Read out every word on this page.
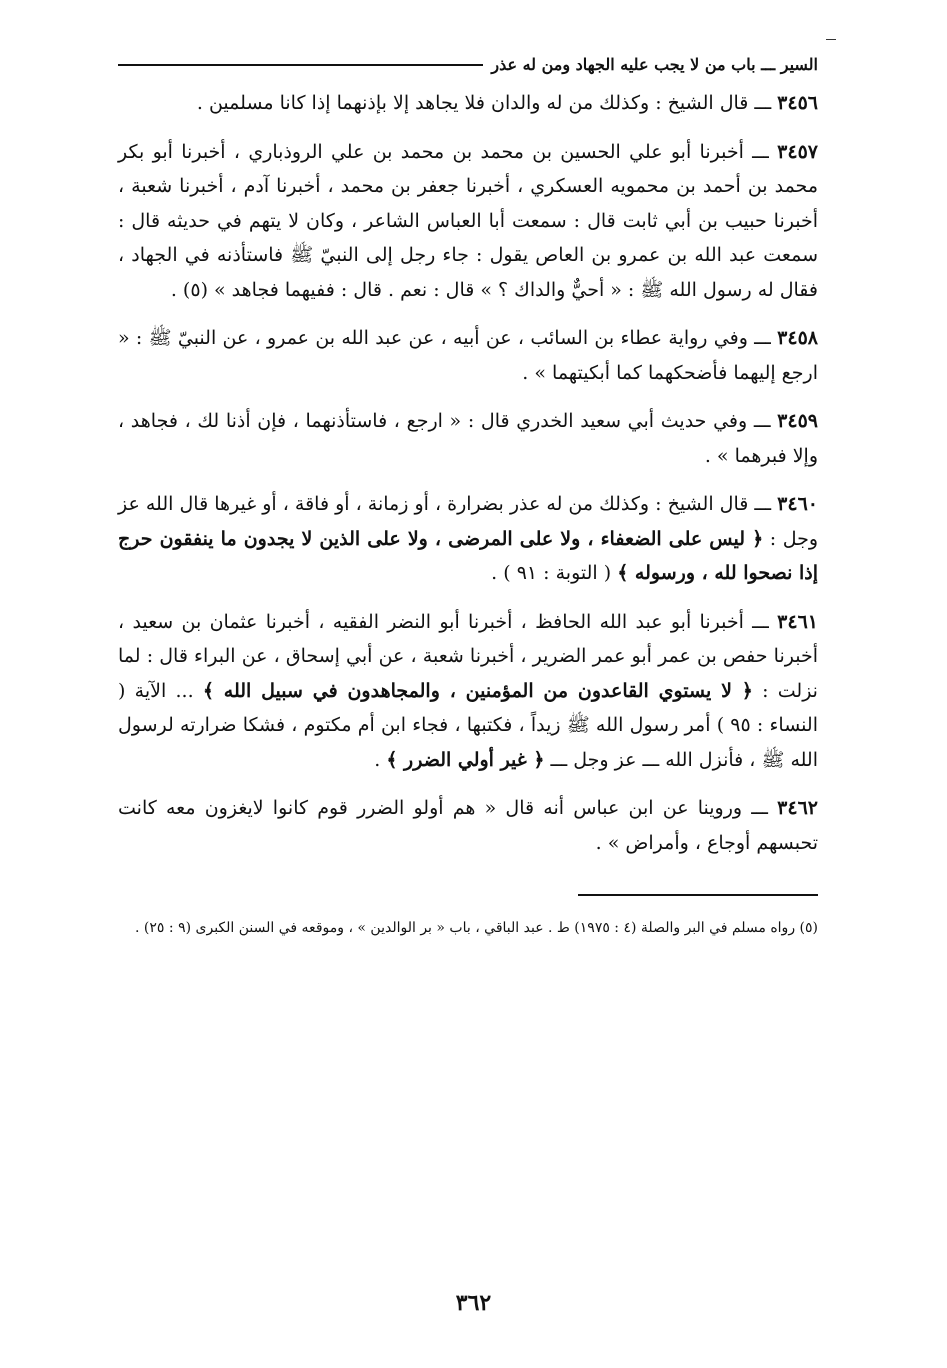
السير ـــ باب من لا يجب عليه الجهاد ومن له عذر

٣٤٥٦ ـــ قال الشيخ : وكذلك من له والدان فلا يجاهد إلا بإذنهما إذا كانا مسلمين .

٣٤٥٧ ـــ أخبرنا أبو علي الحسين بن محمد بن محمد بن علي الروذباري ، أخبرنا أبو بكر محمد بن أحمد بن محمويه العسكري ، أخبرنا جعفر بن محمد ، أخبرنا آدم ، أخبرنا شعبة ، أخبرنا حبيب بن أبي ثابت قال : سمعت أبا العباس الشاعر ، وكان لا يتهم في حديثه قال : سمعت عبد الله بن عمرو بن العاص يقول : جاء رجل إلى النبيّ ﷺ فاستأذنه في الجهاد ، فقال له رسول الله ﷺ : « أحيٌّ والداك ؟ » قال : نعم . قال : ففيهما فجاهد » (٥) .

٣٤٥٨ ـــ وفي رواية عطاء بن السائب ، عن أبيه ، عن عبد الله بن عمرو ، عن النبيّ ﷺ : « ارجع إليهما فأضحكهما كما أبكيتهما » .

٣٤٥٩ ـــ وفي حديث أبي سعيد الخدري قال : « ارجع ، فاستأذنهما ، فإن أذنا لك ، فجاهد ، وإلا فبرهما » .

٣٤٦٠ ـــ قال الشيخ : وكذلك من له عذر بضرارة ، أو زمانة ، أو فاقة ، أو غيرها قال الله عز وجل : ﴿ ليس على الضعفاء ، ولا على المرضى ، ولا على الذين لا يجدون ما ينفقون حرج إذا نصحوا لله ، ورسوله ﴾ ( التوبة : ٩١ ) .

٣٤٦١ ـــ أخبرنا أبو عبد الله الحافظ ، أخبرنا أبو النضر الفقيه ، أخبرنا عثمان بن سعيد ، أخبرنا حفص بن عمر أبو عمر الضرير ، أخبرنا شعبة ، عن أبي إسحاق ، عن البراء قال : لما نزلت : ﴿ لا يستوي القاعدون من المؤمنين ، والمجاهدون في سبيل الله ﴾ ... الآية ( النساء : ٩٥ ) أمر رسول الله ﷺ زيداً ، فكتبها ، فجاء ابن أم مكتوم ، فشكا ضرارته لرسول الله ﷺ ، فأنزل الله ـــ عز وجل ـــ ﴿ غير أولي الضرر ﴾ .

٣٤٦٢ ـــ وروينا عن ابن عباس أنه قال « هم أولو الضرر قوم كانوا لايغزون معه كانت تحبسهم أوجاع ، وأمراض » .

(٥) رواه مسلم في البر والصلة (٤ : ١٩٧٥) ط . عبد الباقي ، باب « بر الوالدين » ، وموقعه في السنن الكبرى (٩ : ٢٥) .
٣٦٢
